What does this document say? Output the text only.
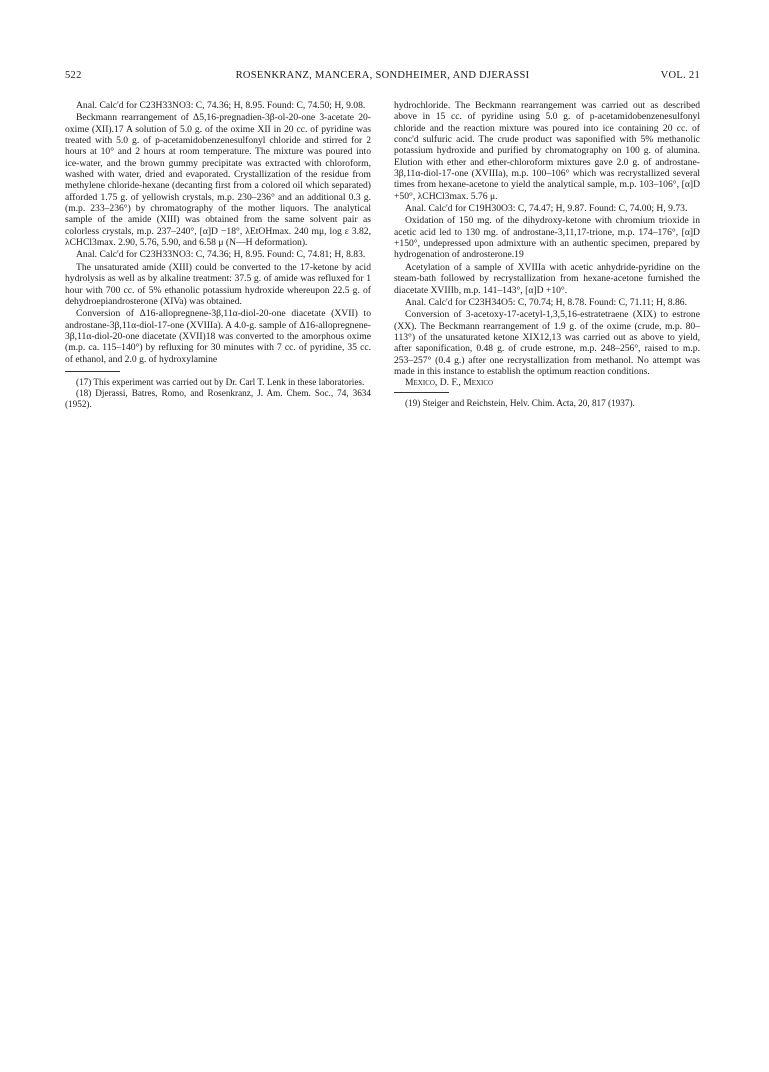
522	ROSENKRANZ, MANCERA, SONDHEIMER, AND DJERASSI	VOL. 21

Anal. Calc'd for C23H33NO3: C, 74.36; H, 8.95. Found: C, 74.50; H, 9.08.

Beckmann rearrangement of Δ5,16-pregnadien-3β-ol-20-one 3-acetate 20-oxime (XII).17 A solution of 5.0 g. of the oxime XII in 20 cc. of pyridine was treated with 5.0 g. of p-acetamidobenzenesulfonyl chloride and stirred for 2 hours at 10° and 2 hours at room temperature. The mixture was poured into ice-water, and the brown gummy precipitate was extracted with chloroform, washed with water, dried and evaporated. Crystallization of the residue from methylene chloride-hexane (decanting first from a colored oil which separated) afforded 1.75 g. of yellowish crystals, m.p. 230–236° and an additional 0.3 g. (m.p. 233–236°) by chromatography of the mother liquors. The analytical sample of the amide (XIII) was obtained from the same solvent pair as colorless crystals, m.p. 237–240°, [α]D −18°, λEtOHmax. 240 mμ, log ε 3.82, λCHCl3max. 2.90, 5.76, 5.90, and 6.58 μ (N—H deformation).

Anal. Calc'd for C23H33NO3: C, 74.36; H, 8.95. Found: C, 74.81; H, 8.83.

The unsaturated amide (XIII) could be converted to the 17-ketone by acid hydrolysis as well as by alkaline treatment: 37.5 g. of amide was refluxed for 1 hour with 700 cc. of 5% ethanolic potassium hydroxide whereupon 22.5 g. of dehydroepiandrosterone (XIVa) was obtained.

Conversion of Δ16-allopregnene-3β,11α-diol-20-one diacetate (XVII) to androstane-3β,11α-diol-17-one (XVIIIa). A 4.0-g. sample of Δ16-allopregnene-3β,11α-diol-20-one diacetate (XVII)18 was converted to the amorphous oxime (m.p. ca. 115–140°) by refluxing for 30 minutes with 7 cc. of pyridine, 35 cc. of ethanol, and 2.0 g. of hydroxylamine

(17) This experiment was carried out by Dr. Carl T. Lenk in these laboratories.

(18) Djerassi, Batres, Romo, and Rosenkranz, J. Am. Chem. Soc., 74, 3634 (1952).

hydrochloride. The Beckmann rearrangement was carried out as described above in 15 cc. of pyridine using 5.0 g. of p-acetamidobenzenesulfonyl chloride and the reaction mixture was poured into ice containing 20 cc. of conc'd sulfuric acid. The crude product was saponified with 5% methanolic potassium hydroxide and purified by chromatography on 100 g. of alumina. Elution with ether and ether-chloroform mixtures gave 2.0 g. of androstane-3β,11α-diol-17-one (XVIIIa), m.p. 100–106° which was recrystallized several times from hexane-acetone to yield the analytical sample, m.p. 103–106°, [α]D +50°, λCHCl3max. 5.76 μ.

Anal. Calc'd for C19H30O3: C, 74.47; H, 9.87. Found: C, 74.00; H, 9.73.

Oxidation of 150 mg. of the dihydroxy-ketone with chromium trioxide in acetic acid led to 130 mg. of androstane-3,11,17-trione, m.p. 174–176°, [α]D +150°, undepressed upon admixture with an authentic specimen, prepared by hydrogenation of androsterone.19

Acetylation of a sample of XVIIIa with acetic anhydride-pyridine on the steam-bath followed by recrystallization from hexane-acetone furnished the diacetate XVIIIb, m.p. 141–143°, [α]D +10°.

Anal. Calc'd for C23H34O5: C, 70.74; H, 8.78. Found: C, 71.11; H, 8.86.

Conversion of 3-acetoxy-17-acetyl-1,3,5,16-estratetraene (XIX) to estrone (XX). The Beckmann rearrangement of 1.9 g. of the oxime (crude, m.p. 80–113°) of the unsaturated ketone XIX12,13 was carried out as above to yield, after saponification, 0.48 g. of crude estrone, m.p. 248–256°, raised to m.p. 253–257° (0.4 g.) after one recrystallization from methanol. No attempt was made in this instance to establish the optimum reaction conditions.

Mexico, D. F., Mexico

(19) Steiger and Reichstein, Helv. Chim. Acta, 20, 817 (1937).
